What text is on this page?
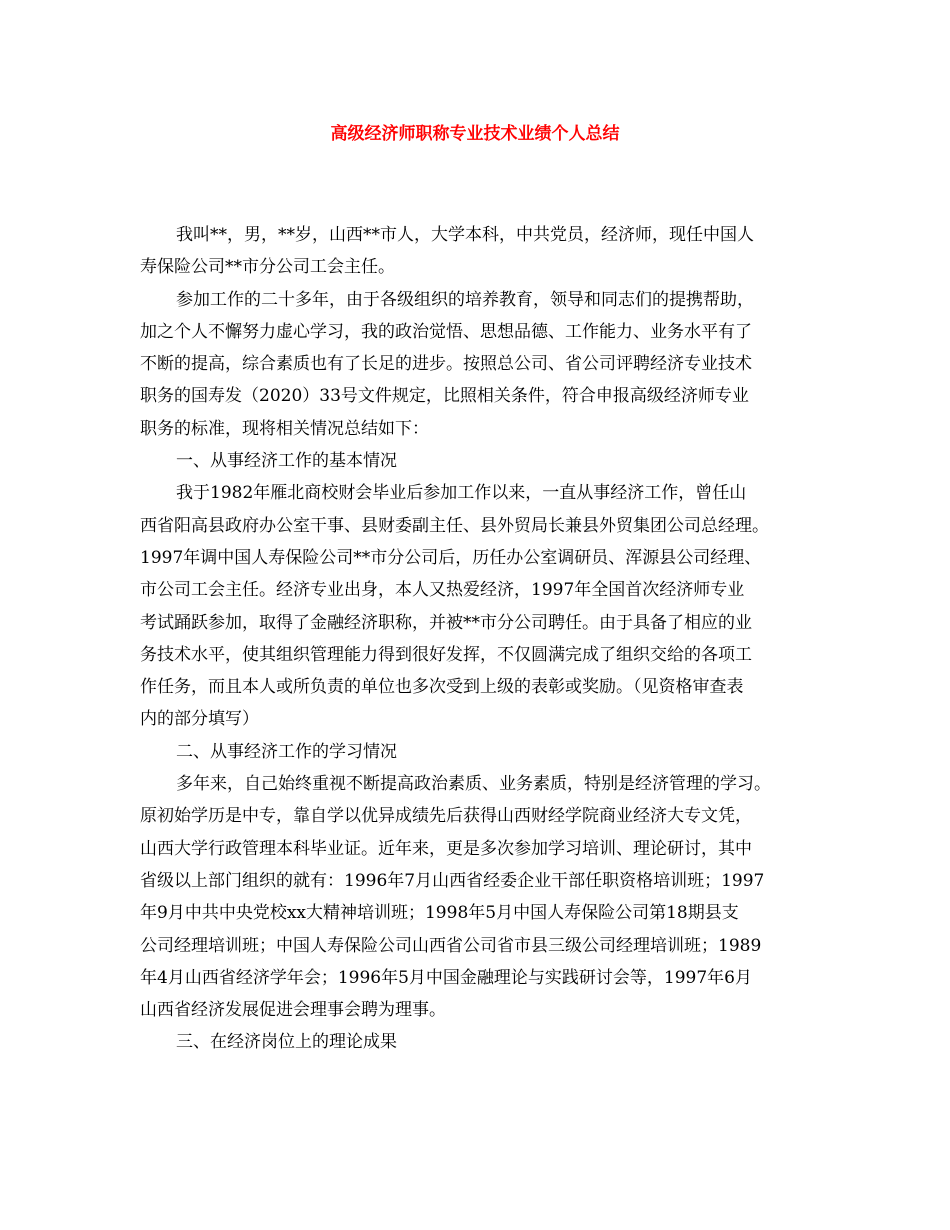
高级经济师职称专业技术业绩个人总结
我叫**，男，**岁，山西**市人，大学本科，中共党员，经济师，现任中国人
寿保险公司**市分公司工会主任。
参加工作的二十多年，由于各级组织的培养教育，领导和同志们的提携帮助，
加之个人不懈努力虚心学习，我的政治觉悟、思想品德、工作能力、业务水平有了
不断的提高，综合素质也有了长足的进步。按照总公司、省公司评聘经济专业技术
职务的国寿发（2020）33号文件规定，比照相关条件，符合申报高级经济师专业
职务的标准，现将相关情况总结如下：
一、从事经济工作的基本情况
我于1982年雁北商校财会毕业后参加工作以来，一直从事经济工作，曾任山
西省阳高县政府办公室干事、县财委副主任、县外贸局长兼县外贸集团公司总经理。
1997年调中国人寿保险公司**市分公司后，历任办公室调研员、浑源县公司经理、
市公司工会主任。经济专业出身，本人又热爱经济，1997年全国首次经济师专业
考试踊跃参加，取得了金融经济职称，并被**市分公司聘任。由于具备了相应的业
务技术水平，使其组织管理能力得到很好发挥，不仅圆满完成了组织交给的各项工
作任务，而且本人或所负责的单位也多次受到上级的表彰或奖励。（见资格审查表
内的部分填写）
二、从事经济工作的学习情况
多年来，自己始终重视不断提高政治素质、业务素质，特别是经济管理的学习。
原初始学历是中专，靠自学以优异成绩先后获得山西财经学院商业经济大专文凭，
山西大学行政管理本科毕业证。近年来，更是多次参加学习培训、理论研讨，其中
省级以上部门组织的就有：1996年7月山西省经委企业干部任职资格培训班；1997
年9月中共中央党校xx大精神培训班；1998年5月中国人寿保险公司第18期县支
公司经理培训班；中国人寿保险公司山西省公司省市县三级公司经理培训班；1989
年4月山西省经济学年会；1996年5月中国金融理论与实践研讨会等，1997年6月
山西省经济发展促进会理事会聘为理事。
三、在经济岗位上的理论成果
